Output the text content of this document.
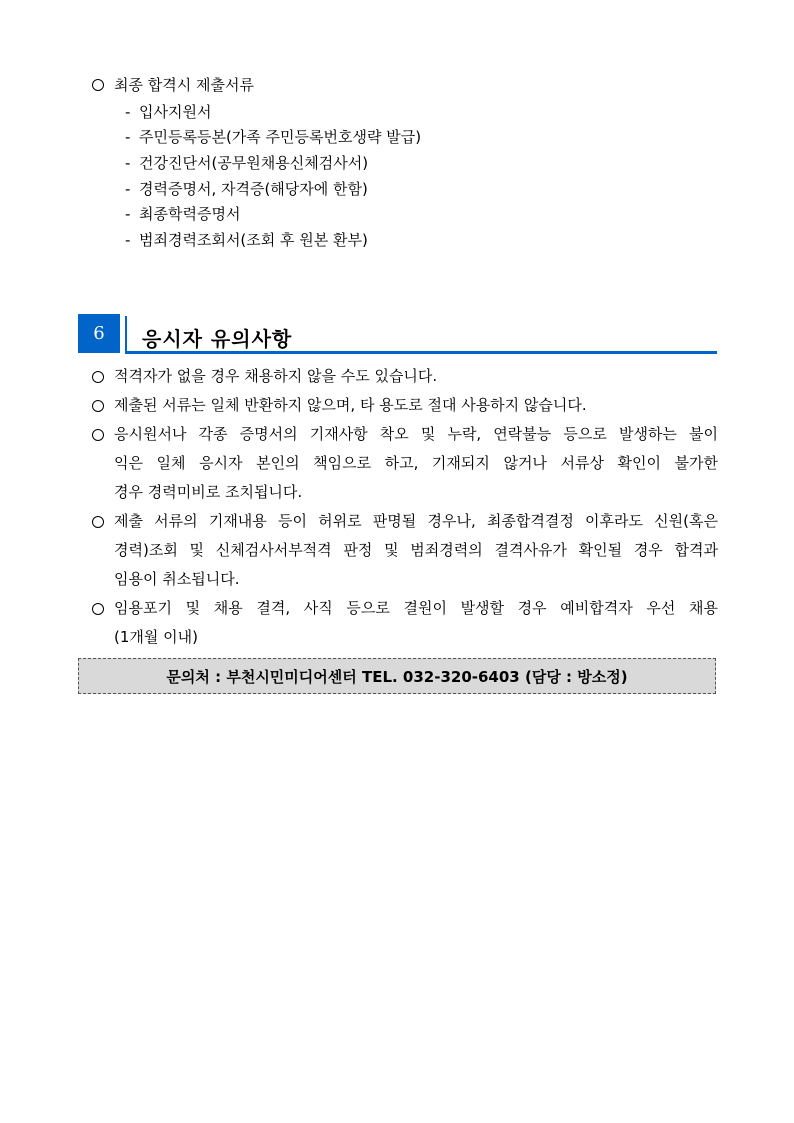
최종 합격시 제출서류
- 입사지원서
- 주민등록등본(가족 주민등록번호생략 발급)
- 건강진단서(공무원채용신체검사서)
- 경력증명서, 자격증(해당자에 한함)
- 최종학력증명서
- 범죄경력조회서(조회 후 원본 환부)
6	응시자 유의사항
적격자가 없을 경우 채용하지 않을 수도 있습니다.
제출된 서류는 일체 반환하지 않으며, 타 용도로 절대 사용하지 않습니다.
응시원서나 각종 증명서의 기재사항 착오 및 누락, 연락불능 등으로 발생하는 불이
익은 일체 응시자 본인의 책임으로 하고, 기재되지 않거나 서류상 확인이 불가한
경우 경력미비로 조치됩니다.
제출 서류의 기재내용 등이 허위로 판명될 경우나, 최종합격결정 이후라도 신원(혹은
경력)조회 및 신체검사서부적격 판정 및 범죄경력의 결격사유가 확인될 경우 합격과
임용이 취소됩니다.
임용포기 및 채용 결격, 사직 등으로 결원이 발생할 경우 예비합격자 우선 채용
(1개월 이내)
문의처 : 부천시민미디어센터 TEL. 032-320-6403 (담당 : 방소정)
